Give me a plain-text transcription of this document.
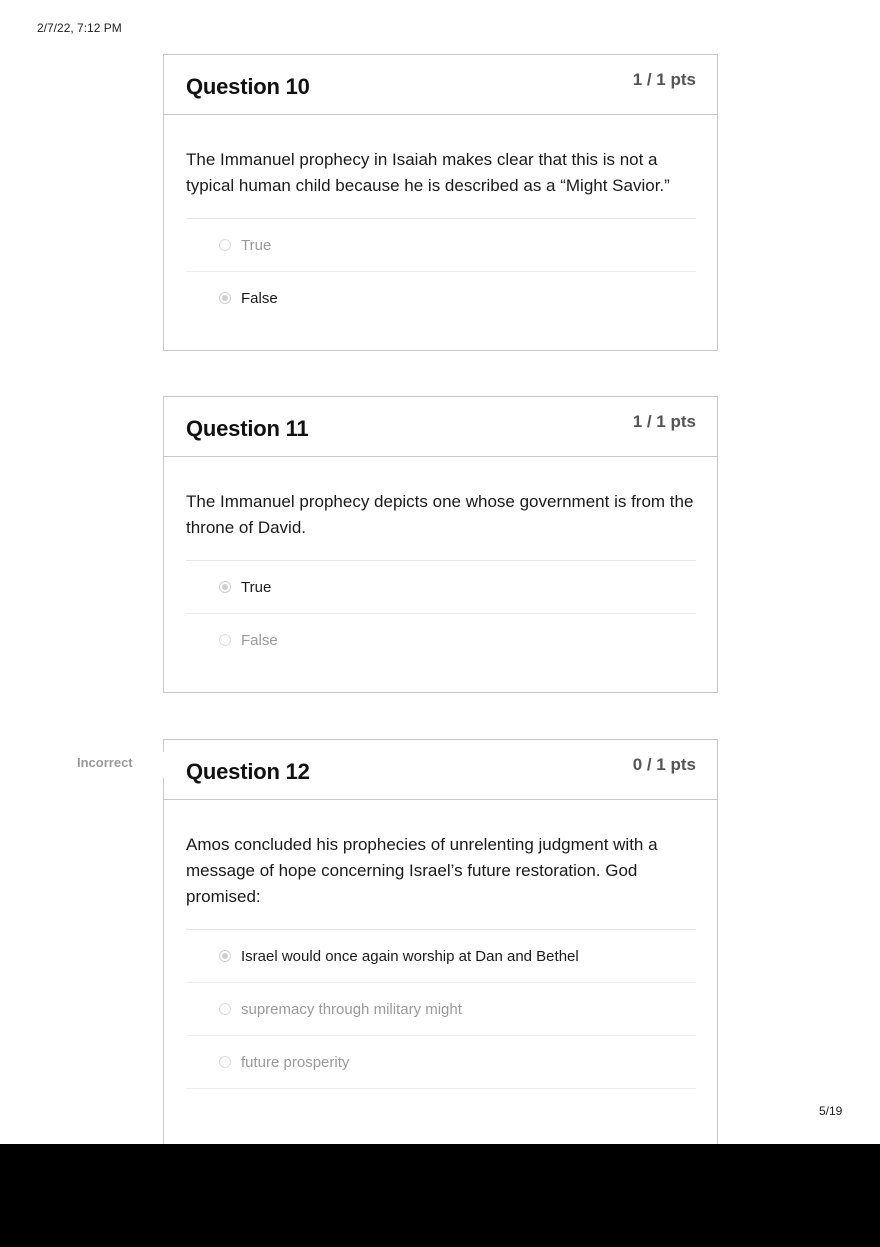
2/7/22, 7:12 PM
Question 10	1 / 1 pts

The Immanuel prophecy in Isaiah makes clear that this is not a typical human child because he is described as a “Might Savior.”

True
False
Question 11	1 / 1 pts

The Immanuel prophecy depicts one whose government is from the throne of David.

True
False
Incorrect Question 12	0 / 1 pts

Amos concluded his prophecies of unrelenting judgment with a message of hope concerning Israel’s future restoration. God promised:

Israel would once again worship at Dan and Bethel
supremacy through military might
future prosperity
5/19
